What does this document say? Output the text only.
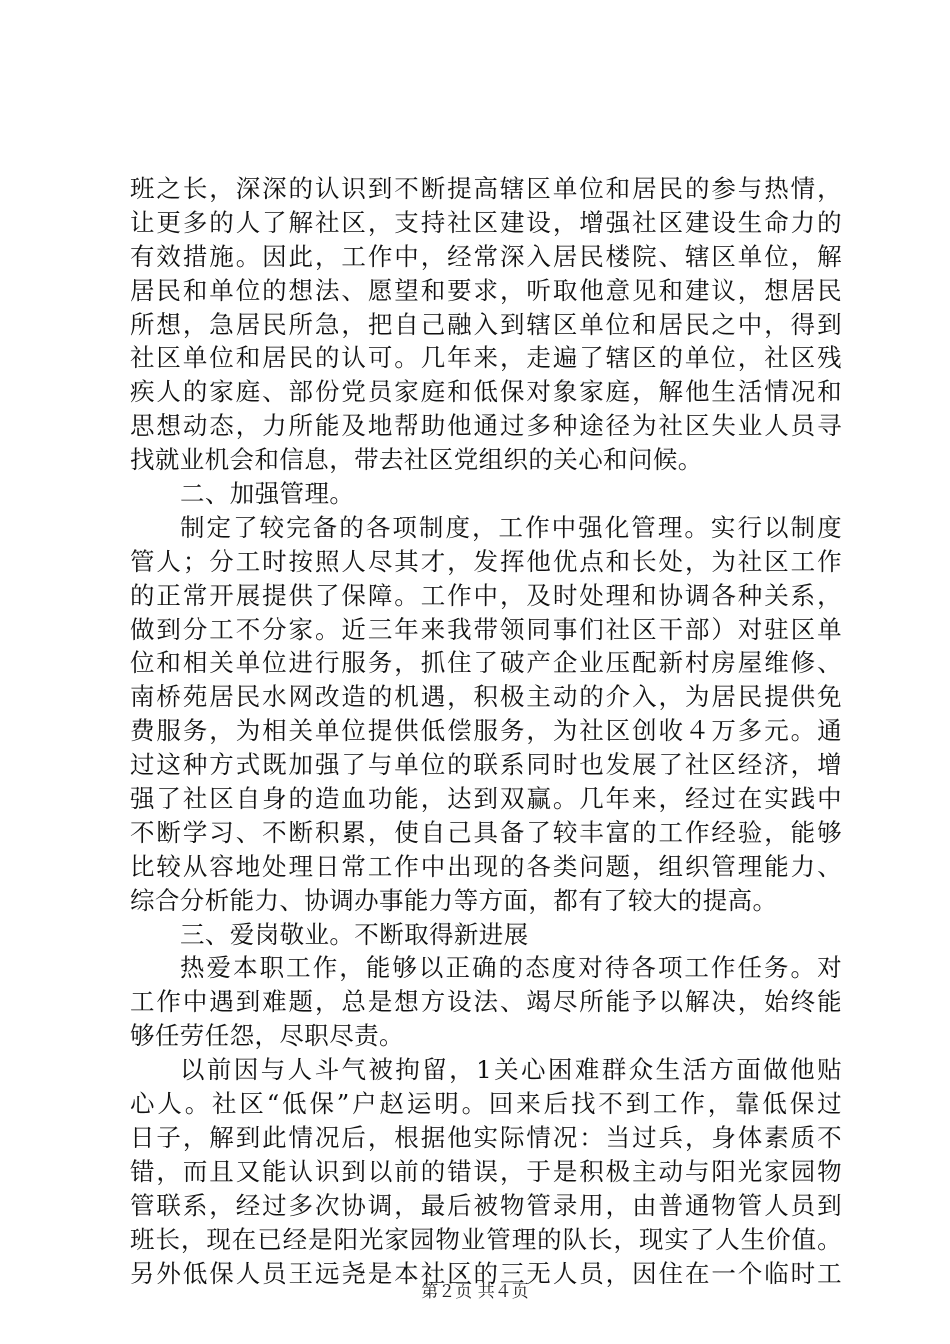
班之长，深深的认识到不断提高辖区单位和居民的参与热情，
让更多的人了解社区，支持社区建设，增强社区建设生命力的
有效措施。因此，工作中，经常深入居民楼院、辖区单位，解
居民和单位的想法、愿望和要求，听取他意见和建议，想居民
所想，急居民所急，把自己融入到辖区单位和居民之中，得到
社区单位和居民的认可。几年来，走遍了辖区的单位，社区残
疾人的家庭、部份党员家庭和低保对象家庭，解他生活情况和
思想动态，力所能及地帮助他通过多种途径为社区失业人员寻
找就业机会和信息，带去社区党组织的关心和问候。
二、加强管理。
制定了较完备的各项制度，工作中强化管理。实行以制度
管人；分工时按照人尽其才，发挥他优点和长处，为社区工作
的正常开展提供了保障。工作中，及时处理和协调各种关系，
做到分工不分家。近三年来我带领同事们社区干部）对驻区单
位和相关单位进行服务，抓住了破产企业压配新村房屋维修、
南桥苑居民水网改造的机遇，积极主动的介入，为居民提供免
费服务，为相关单位提供低偿服务，为社区创收４万多元。通
过这种方式既加强了与单位的联系同时也发展了社区经济，增
强了社区自身的造血功能，达到双赢。几年来，经过在实践中
不断学习、不断积累，使自己具备了较丰富的工作经验，能够
比较从容地处理日常工作中出现的各类问题，组织管理能力、
综合分析能力、协调办事能力等方面，都有了较大的提高。
三、爱岗敬业。不断取得新进展
热爱本职工作，能够以正确的态度对待各项工作任务。对
工作中遇到难题，总是想方设法、竭尽所能予以解决，始终能
够任劳任怨，尽职尽责。
以前因与人斗气被拘留，1关心困难群众生活方面做他贴
心人。社区“低保”户赵运明。回来后找不到工作，靠低保过
日子，解到此情况后，根据他实际情况：当过兵，身体素质不
错，而且又能认识到以前的错误，于是积极主动与阳光家园物
管联系，经过多次协调，最后被物管录用，由普通物管人员到
班长，现在已经是阳光家园物业管理的队长，现实了人生价值。
另外低保人员王远尧是本社区的三无人员，因住在一个临时工
第２页 共４页
